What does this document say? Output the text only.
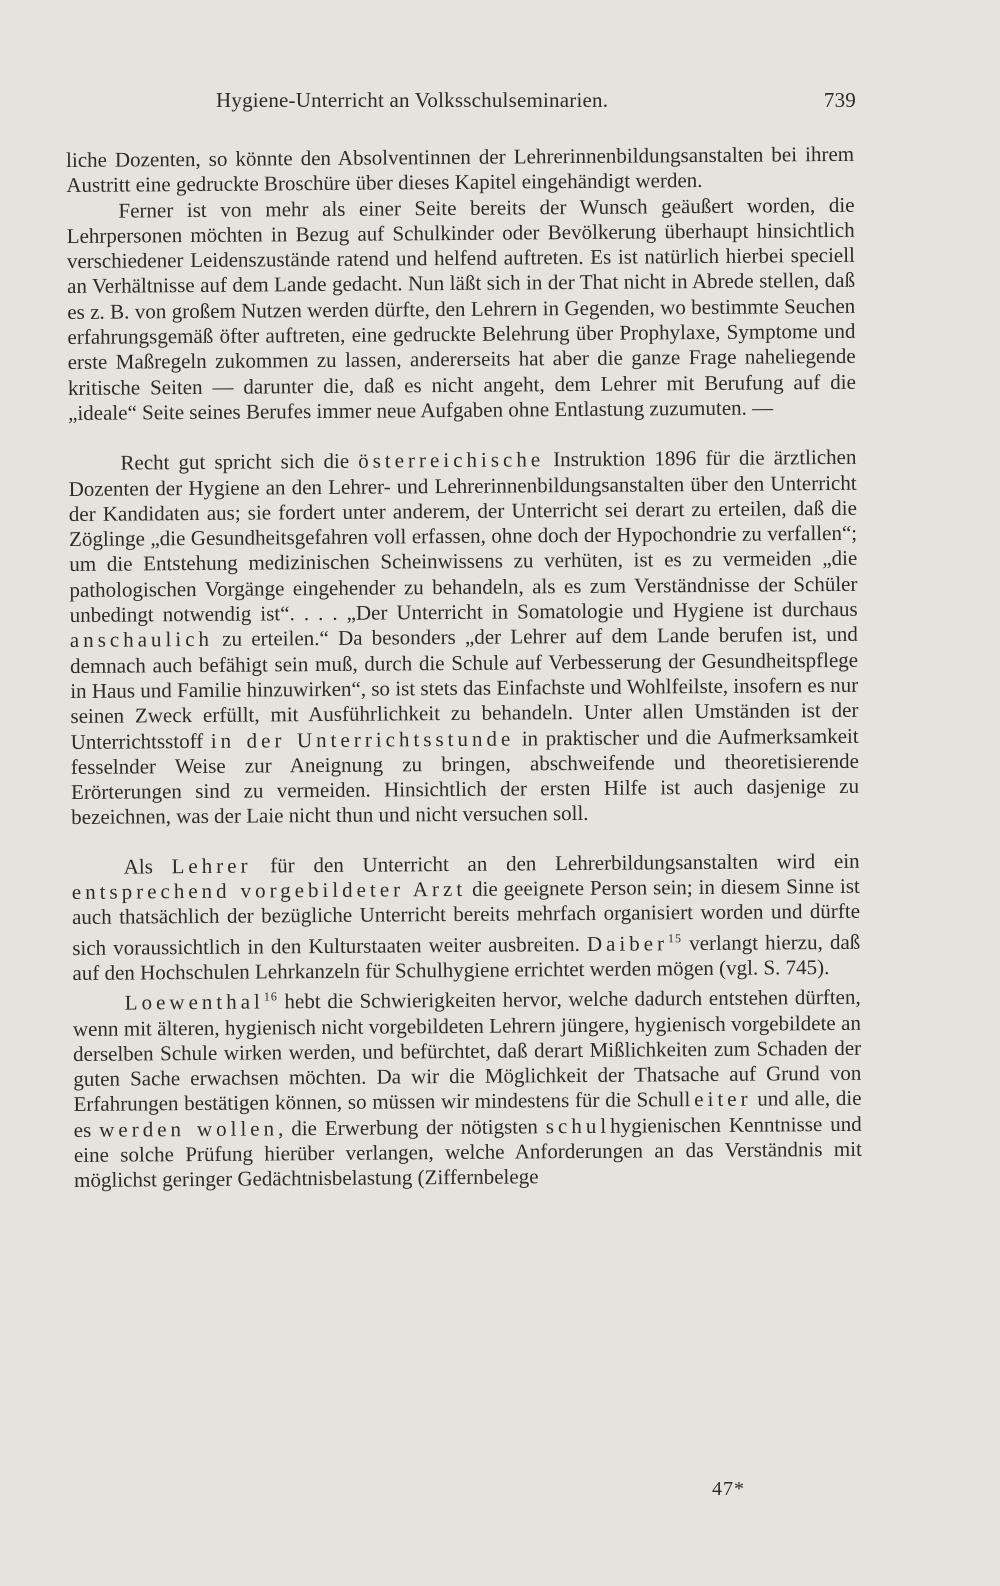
Hygiene-Unterricht an Volksschulseminarien.	739

liche Dozenten, so könnte den Absolventinnen der Lehrerinnenbildungsanstalten bei ihrem Austritt eine gedruckte Broschüre über dieses Kapitel eingehändigt werden.

Ferner ist von mehr als einer Seite bereits der Wunsch geäußert worden, die Lehrpersonen möchten in Bezug auf Schulkinder oder Bevölkerung überhaupt hinsichtlich verschiedener Leidenszustände ratend und helfend auftreten. Es ist natürlich hierbei speciell an Verhältnisse auf dem Lande gedacht. Nun läßt sich in der That nicht in Abrede stellen, daß es z. B. von großem Nutzen werden dürfte, den Lehrern in Gegenden, wo bestimmte Seuchen erfahrungsgemäß öfter auftreten, eine gedruckte Belehrung über Prophylaxe, Symptome und erste Maßregeln zukommen zu lassen, andererseits hat aber die ganze Frage naheliegende kritische Seiten — darunter die, daß es nicht angeht, dem Lehrer mit Berufung auf die „ideale“ Seite seines Berufes immer neue Aufgaben ohne Entlastung zuzumuten. —

Recht gut spricht sich die österreichische Instruktion 1896 für die ärztlichen Dozenten der Hygiene an den Lehrer- und Lehrerinnenbildungsanstalten über den Unterricht der Kandidaten aus; sie fordert unter anderem, der Unterricht sei derart zu erteilen, daß die Zöglinge „die Gesundheitsgefahren voll erfassen, ohne doch der Hypochondrie zu verfallen“; um die Entstehung medizinischen Scheinwissens zu verhüten, ist es zu vermeiden „die pathologischen Vorgänge eingehender zu behandeln, als es zum Verständnisse der Schüler unbedingt notwendig ist“. . . . „Der Unterricht in Somatologie und Hygiene ist durchaus anschaulich zu erteilen.“ Da besonders „der Lehrer auf dem Lande berufen ist, und demnach auch befähigt sein muß, durch die Schule auf Verbesserung der Gesundheitspflege in Haus und Familie hinzuwirken“, so ist stets das Einfachste und Wohlfeilste, insofern es nur seinen Zweck erfüllt, mit Ausführlichkeit zu behandeln. Unter allen Umständen ist der Unterrichtsstoff in der Unterrichtsstunde in praktischer und die Aufmerksamkeit fesselnder Weise zur Aneignung zu bringen, abschweifende und theoretisierende Erörterungen sind zu vermeiden. Hinsichtlich der ersten Hilfe ist auch dasjenige zu bezeichnen, was der Laie nicht thun und nicht versuchen soll.

Als Lehrer für den Unterricht an den Lehrerbildungsanstalten wird ein entsprechend vorgebildeter Arzt die geeignete Person sein; in diesem Sinne ist auch thatsächlich der bezügliche Unterricht bereits mehrfach organisiert worden und dürfte sich voraussichtlich in den Kulturstaaten weiter ausbreiten. Daiber$^{15}$ verlangt hierzu, daß auf den Hochschulen Lehrkanzeln für Schulhygiene errichtet werden mögen (vgl. S. 745).

Loewenthal$^{16}$ hebt die Schwierigkeiten hervor, welche dadurch entstehen dürften, wenn mit älteren, hygienisch nicht vorgebildeten Lehrern jüngere, hygienisch vorgebildete an derselben Schule wirken werden, und befürchtet, daß derart Mißlichkeiten zum Schaden der guten Sache erwachsen möchten. Da wir die Möglichkeit der Thatsache auf Grund von Erfahrungen bestätigen können, so müssen wir mindestens für die Schulleiter und alle, die es werden wollen, die Erwerbung der nötigsten schulhygienischen Kenntnisse und eine solche Prüfung hierüber verlangen, welche Anforderungen an das Verständnis mit möglichst geringer Gedächtnisbelastung (Ziffernbelege

47*
